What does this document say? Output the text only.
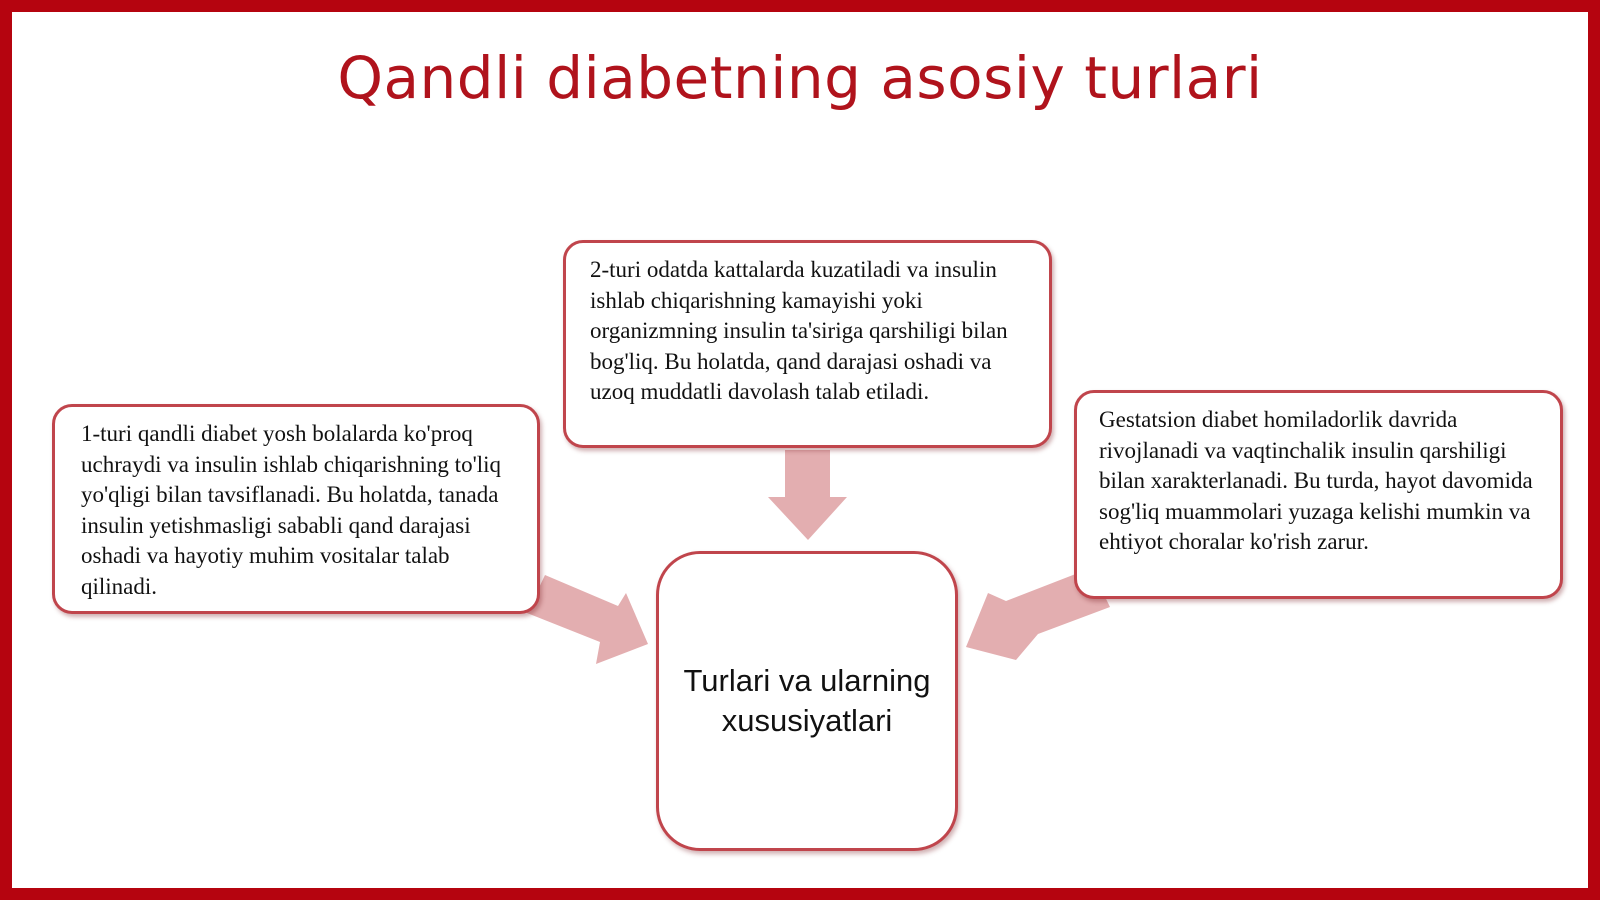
Qandli diabetning asosiy turlari
1-turi qandli diabet yosh bolalarda ko'proq uchraydi va insulin ishlab chiqarishning to'liq yo'qligi bilan tavsiflanadi. Bu holatda, tanada insulin yetishmasligi sababli qand darajasi oshadi va hayotiy muhim vositalar talab qilinadi.
2-turi odatda kattalarda kuzatiladi va insulin ishlab chiqarishning kamayishi yoki organizmning insulin ta'siriga qarshiligi bilan bog'liq. Bu holatda, qand darajasi oshadi va uzoq muddatli davolash talab etiladi.
Gestatsion diabet homiladorlik davrida rivojlanadi va vaqtinchalik insulin qarshiligi bilan xarakterlanadi. Bu turda, hayot davomida sog'liq muammolari yuzaga kelishi mumkin va ehtiyot choralar ko'rish zarur.
Turlari va ularning xususiyatlari
